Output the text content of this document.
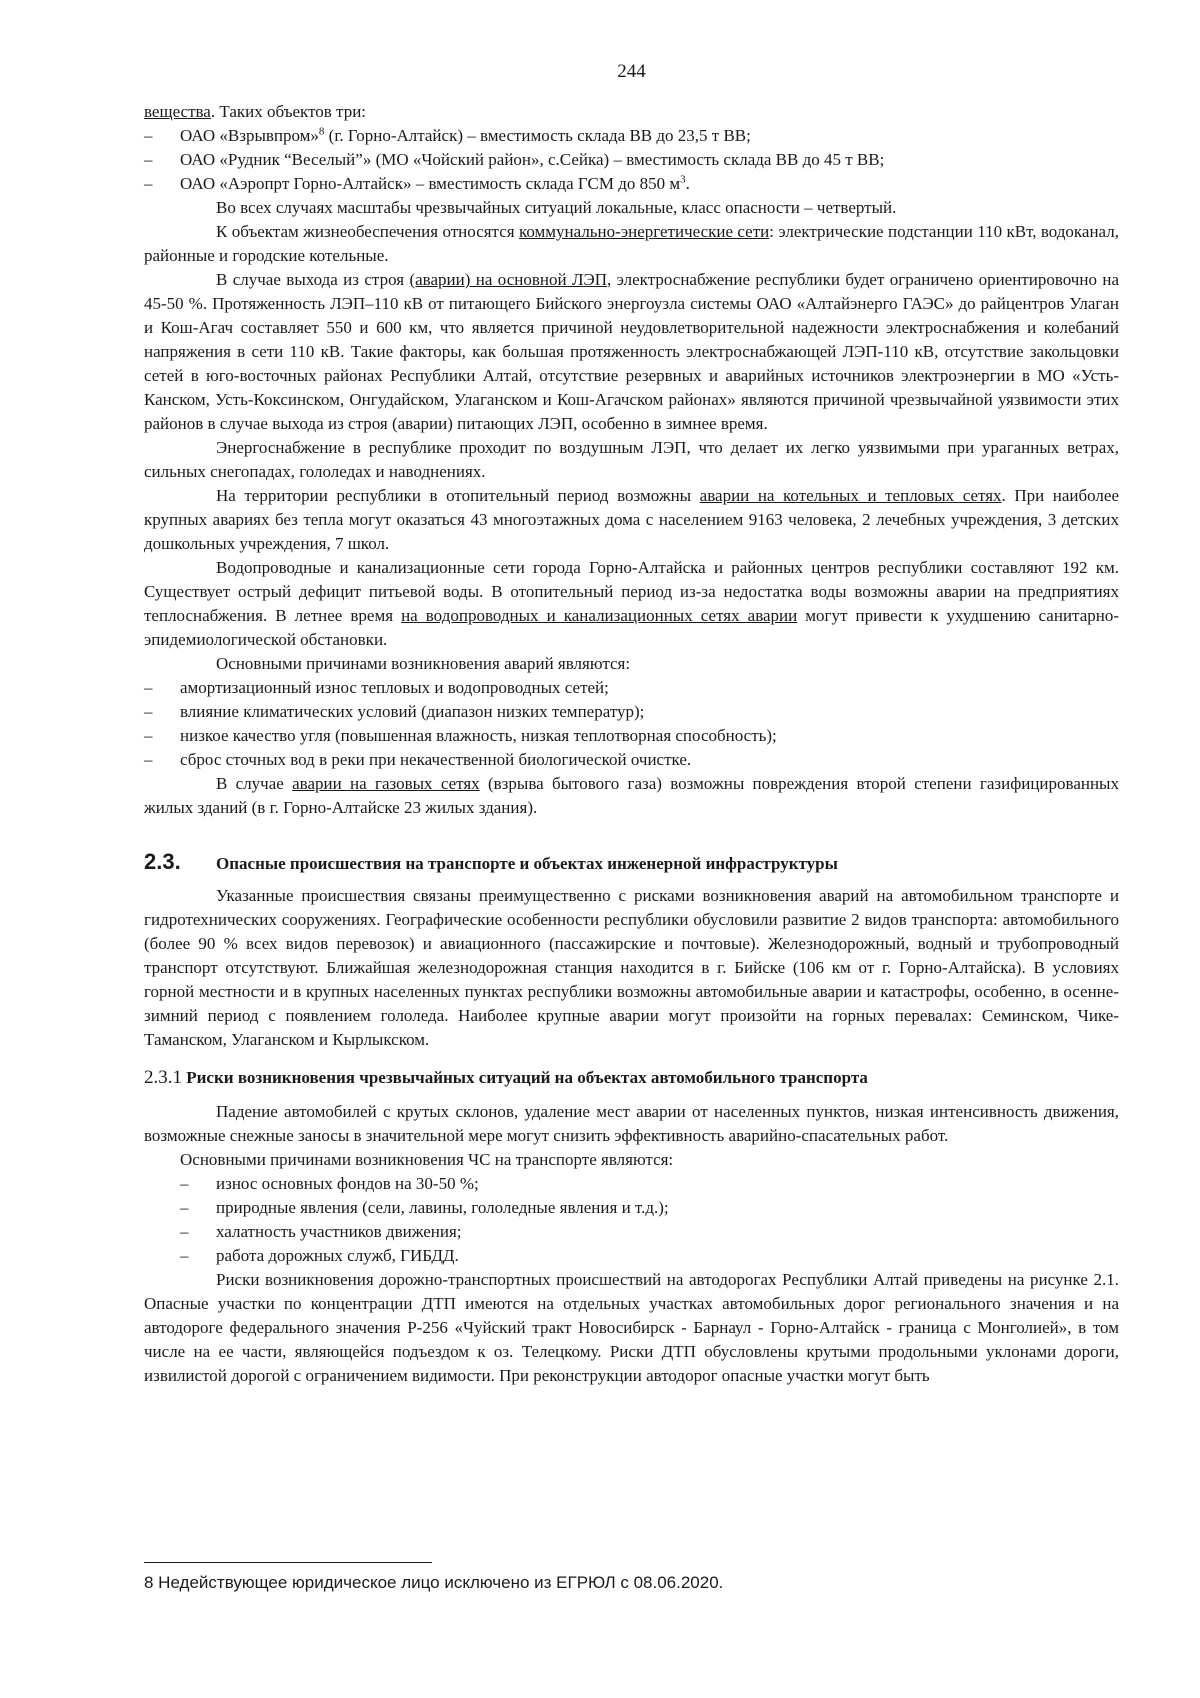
244

вещества. Таких объектов три:

– ОАО «Взрывпром»$^8$ (г. Горно-Алтайск) – вместимость склада ВВ до 23,5 т ВВ;
– ОАО «Рудник “Веселый”» (МО «Чойский район», с.Сейка) – вместимость склада ВВ до 45 т ВВ;
– ОАО «Аэропрт Горно-Алтайск» – вместимость склада ГСМ до 850 $м^3$.

Во всех случаях масштабы чрезвычайных ситуаций локальные, класс опасности – четвертый.

К объектам жизнеобеспечения относятся коммунально-энергетические сети: электрические подстанции 110 кВт, водоканал, районные и городские котельные.

В случае выхода из строя (аварии) на основной ЛЭП, электроснабжение республики будет ограничено ориентировочно на 45-50 %. Протяженность ЛЭП–110 кВ от питающего Бийского энергоузла системы ОАО «Алтайэнерго ГАЭС» до райцентров Улаган и Кош-Агач составляет 550 и 600 км, что является причиной неудовлетворительной надежности электроснабжения и колебаний напряжения в сети 110 кВ. Такие факторы, как большая протяженность электроснабжающей ЛЭП-110 кВ, отсутствие закольцовки сетей в юго-восточных районах Республики Алтай, отсутствие резервных и аварийных источников электроэнергии в МО «Усть-Канском, Усть-Коксинском, Онгудайском, Улаганском и Кош-Агачском районах» являются причиной чрезвычайной уязвимости этих районов в случае выхода из строя (аварии) питающих ЛЭП, особенно в зимнее время.

Энергоснабжение в республике проходит по воздушным ЛЭП, что делает их легко уязвимыми при ураганных ветрах, сильных снегопадах, гололедах и наводнениях.

На территории республики в отопительный период возможны аварии на котельных и тепловых сетях. При наиболее крупных авариях без тепла могут оказаться 43 многоэтажных дома с населением 9163 человека, 2 лечебных учреждения, 3 детских дошкольных учреждения, 7 школ.

Водопроводные и канализационные сети города Горно-Алтайска и районных центров республики составляют 192 км. Существует острый дефицит питьевой воды. В отопительный период из-за недостатка воды возможны аварии на предприятиях теплоснабжения. В летнее время на водопроводных и канализационных сетях аварии могут привести к ухудшению санитарно-эпидемиологической обстановки.

Основными причинами возникновения аварий являются:

– амортизационный износ тепловых и водопроводных сетей;
– влияние климатических условий (диапазон низких температур);
– низкое качество угля (повышенная влажность, низкая теплотворная способность);
– сброс сточных вод в реки при некачественной биологической очистке.

В случае аварии на газовых сетях (взрыва бытового газа) возможны повреждения второй степени газифицированных жилых зданий (в г. Горно-Алтайске 23 жилых здания).

2.3.	Опасные происшествия на транспорте и объектах инженерной инфраструктуры

Указанные происшествия связаны преимущественно с рисками возникновения аварий на автомобильном транспорте и гидротехнических сооружениях. Географические особенности республики обусловили развитие 2 видов транспорта: автомобильного (более 90 % всех видов перевозок) и авиационного (пассажирские и почтовые). Железнодорожный, водный и трубопроводный транспорт отсутствуют. Ближайшая железнодорожная станция находится в г. Бийске (106 км от г. Горно-Алтайска). В условиях горной местности и в крупных населенных пунктах республики возможны автомобильные аварии и катастрофы, особенно, в осенне-зимний период с появлением гололеда. Наиболее крупные аварии могут произойти на горных перевалах: Семинском, Чике-Таманском, Улаганском и Кырлыкском.

2.3.1 Риски возникновения чрезвычайных ситуаций на объектах автомобильного транспорта

Падение автомобилей с крутых склонов, удаление мест аварии от населенных пунктов, низкая интенсивность движения, возможные снежные заносы в значительной мере могут снизить эффективность аварийно-спасательных работ.

Основными причинами возникновения ЧС на транспорте являются:

– износ основных фондов на 30-50 %;
– природные явления (сели, лавины, гололедные явления и т.д.);
– халатность участников движения;
– работа дорожных служб, ГИБДД.

Риски возникновения дорожно-транспортных происшествий на автодорогах Республики Алтай приведены на рисунке 2.1. Опасные участки по концентрации ДТП имеются на отдельных участках автомобильных дорог регионального значения и на автодороге федерального значения Р-256 «Чуйский тракт Новосибирск - Барнаул - Горно-Алтайск - граница с Монголией», в том числе на ее части, являющейся подъездом к оз. Телецкому. Риски ДТП обусловлены крутыми продольными уклонами дороги, извилистой дорогой с ограничением видимости. При реконструкции автодорог опасные участки могут быть

8 Недействующее юридическое лицо исключено из ЕГРЮЛ с 08.06.2020.
